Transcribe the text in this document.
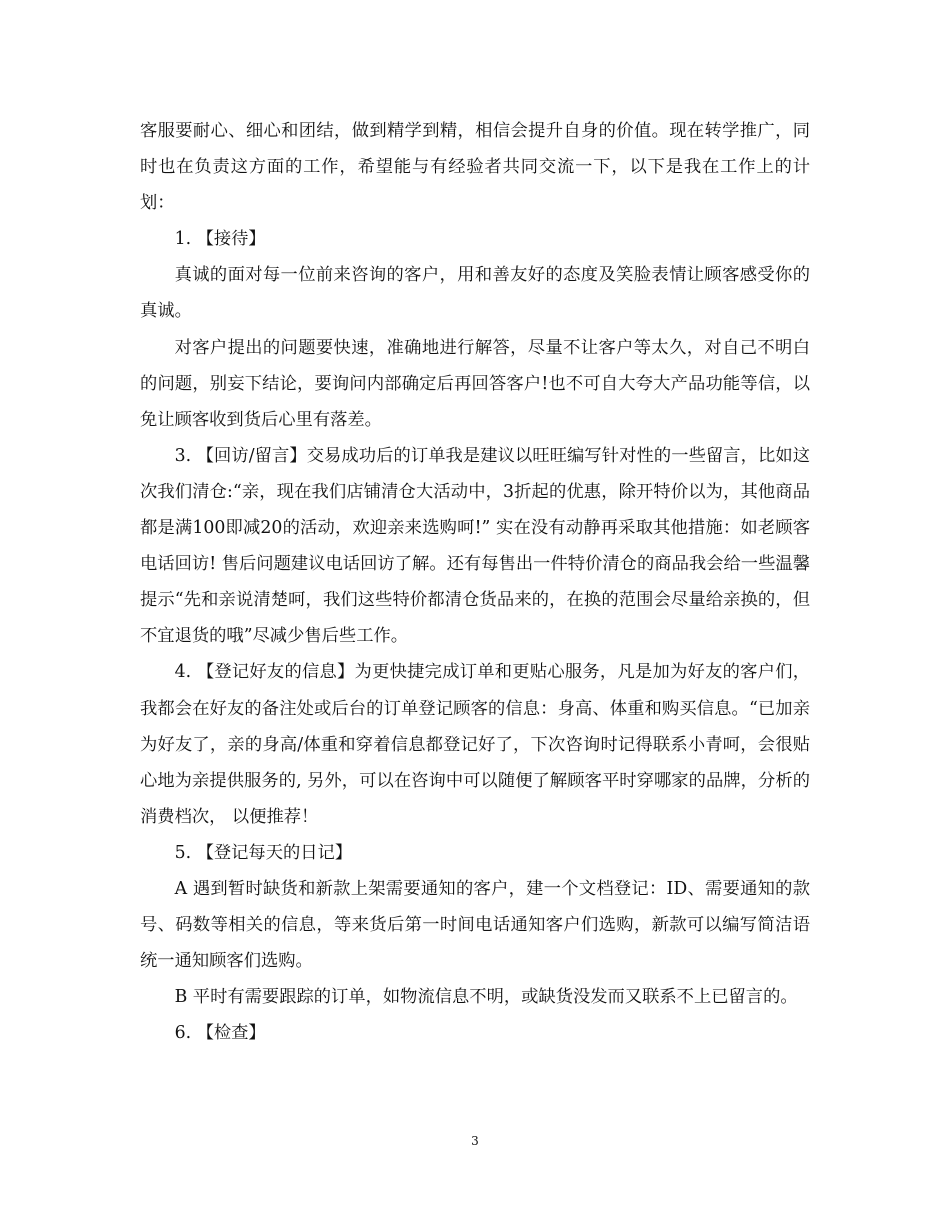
客服要耐心、细心和团结，做到精学到精，相信会提升自身的价值。现在转学推广，同时也在负责这方面的工作，希望能与有经验者共同交流一下，以下是我在工作上的计划：

1. 【接待】

真诚的面对每一位前来咨询的客户，用和善友好的态度及笑脸表情让顾客感受你的真诚。

对客户提出的问题要快速，准确地进行解答，尽量不让客户等太久，对自己不明白的问题，别妄下结论，要询问内部确定后再回答客户!也不可自大夸大产品功能等信，以免让顾客收到货后心里有落差。

3. 【回访/留言】交易成功后的订单我是建议以旺旺编写针对性的一些留言，比如这次我们清仓:“亲，现在我们店铺清仓大活动中，3折起的优惠，除开特价以为，其他商品都是满100即减20的活动，欢迎亲来选购呵!” 实在没有动静再采取其他措施：如老顾客电话回访! 售后问题建议电话回访了解。还有每售出一件特价清仓的商品我会给一些温馨提示“先和亲说清楚呵，我们这些特价都清仓货品来的，在换的范围会尽量给亲换的，但不宜退货的哦”尽减少售后些工作。

4. 【登记好友的信息】为更快捷完成订单和更贴心服务，凡是加为好友的客户们，我都会在好友的备注处或后台的订单登记顾客的信息：身高、体重和购买信息。“已加亲为好友了，亲的身高/体重和穿着信息都登记好了，下次咨询时记得联系小青呵，会很贴心地为亲提供服务的, 另外，可以在咨询中可以随便了解顾客平时穿哪家的品牌，分析的消费档次， 以便推荐！

5. 【登记每天的日记】

A 遇到暂时缺货和新款上架需要通知的客户，建一个文档登记：ID、需要通知的款号、码数等相关的信息，等来货后第一时间电话通知客户们选购，新款可以编写简洁语统一通知顾客们选购。

B 平时有需要跟踪的订单，如物流信息不明，或缺货没发而又联系不上已留言的。

6. 【检查】

3
